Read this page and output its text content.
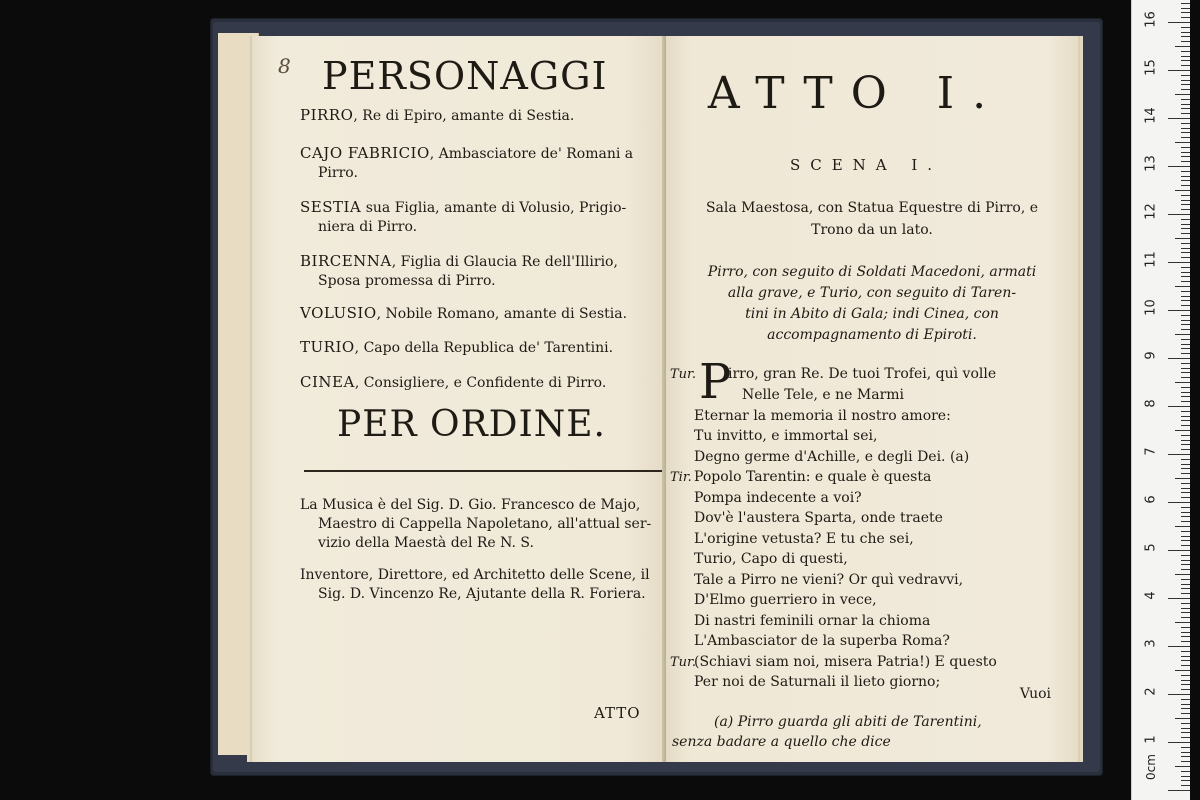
8 PERSONAGGI
PIRRO, Re di Epiro, amante di Sestia.
CAJO FABRICIO, Ambasciatore de' Romani a
Pirro.
SESTIA sua Figlia, amante di Volusio, Prigio-
niera di Pirro.
BIRCENNA, Figlia di Glaucia Re dell'Illirio,
Sposa promessa di Pirro.
VOLUSIO, Nobile Romano, amante di Sestia.
TURIO, Capo della Republica de' Tarentini.
CINEA, Consigliere, e Confidente di Pirro.
PER ORDINE.
La Musica è del Sig. D. Gio. Francesco de Majo,
Maestro di Cappella Napoletano, all'attual ser-
vizio della Maestà del Re N. S.
Inventore, Direttore, ed Architetto delle Scene, il
Sig. D. Vincenzo Re, Ajutante della R. Foriera.
ATTO
ATTO I.
SCENA I.
Sala Maestosa, con Statua Equestre di Pirro, e
Trono da un lato.
Pirro, con seguito di Soldati Macedoni, armati
alla grave, e Turio, con seguito di Taren-
tini in Abito di Gala; indi Cinea, con
accompagnamento di Epiroti.
P
Tur. irro, gran Re. De tuoi Trofei, quì volle
Nelle Tele, e ne Marmi
Eternar la memoria il nostro amore:
Tu invitto, e immortal sei,
Degno germe d'Achille, e degli Dei. (a)
Tir. Popolo Tarentin: e quale è questa
Pompa indecente a voi?
Dov'è l'austera Sparta, onde traete
L'origine vetusta? E tu che sei,
Turio, Capo di questi,
Tale a Pirro ne vieni? Or quì vedravvi,
D'Elmo guerriero in vece,
Di nastri feminili ornar la chioma
L'Ambasciator de la superba Roma?
Tur.(Schiavi siam noi, misera Patria!) E questo
Per noi de Saturnali il lieto giorno;
Vuoi
(a) Pirro guarda gli abiti de Tarentini,
senza badare a quello che dice
0cm
1
2
3
4
5
6
7
8
9
10
11
12
13
14
15
16
